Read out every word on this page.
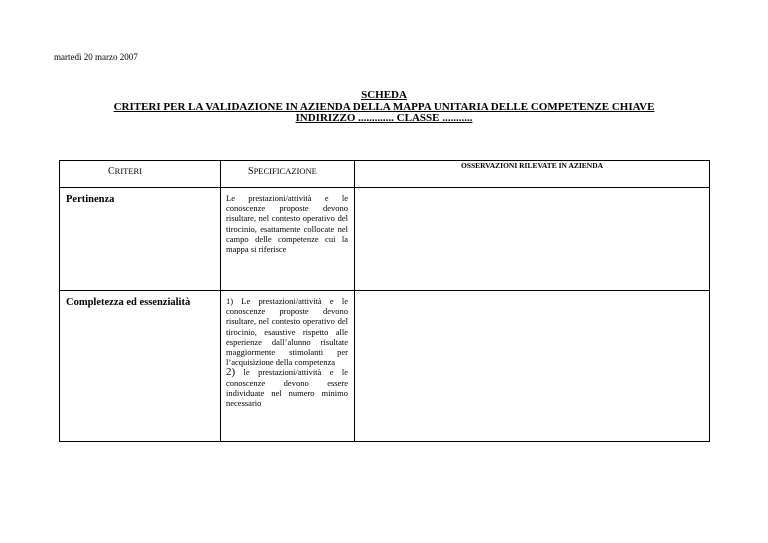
martedì 20 marzo 2007
SCHEDA
CRITERI PER LA VALIDAZIONE IN AZIENDA DELLA MAPPA UNITARIA DELLE COMPETENZE CHIAVE
INDIRIZZO ............. CLASSE ...........
CRITERI	SPECIFICAZIONE	OSSERVAZIONI RILEVATE IN AZIENDA
Pertinenza	Le prestazioni/attività e le conoscenze proposte devono risultare, nel contesto operativo del tirocinio, esattamente collocate nel campo delle competenze cui la mappa si riferisce	
Completezza ed essenzialità	1) Le prestazioni/attività e le conoscenze proposte devono risultare, nel contesto operativo del tirocinio, esaustive rispetto alle esperienze dall’alunno risultate maggiormente stimolanti per l’acquisizione della competenza
2) le prestazioni/attività e le conoscenze devono essere individuate nel numero minimo necessario	
